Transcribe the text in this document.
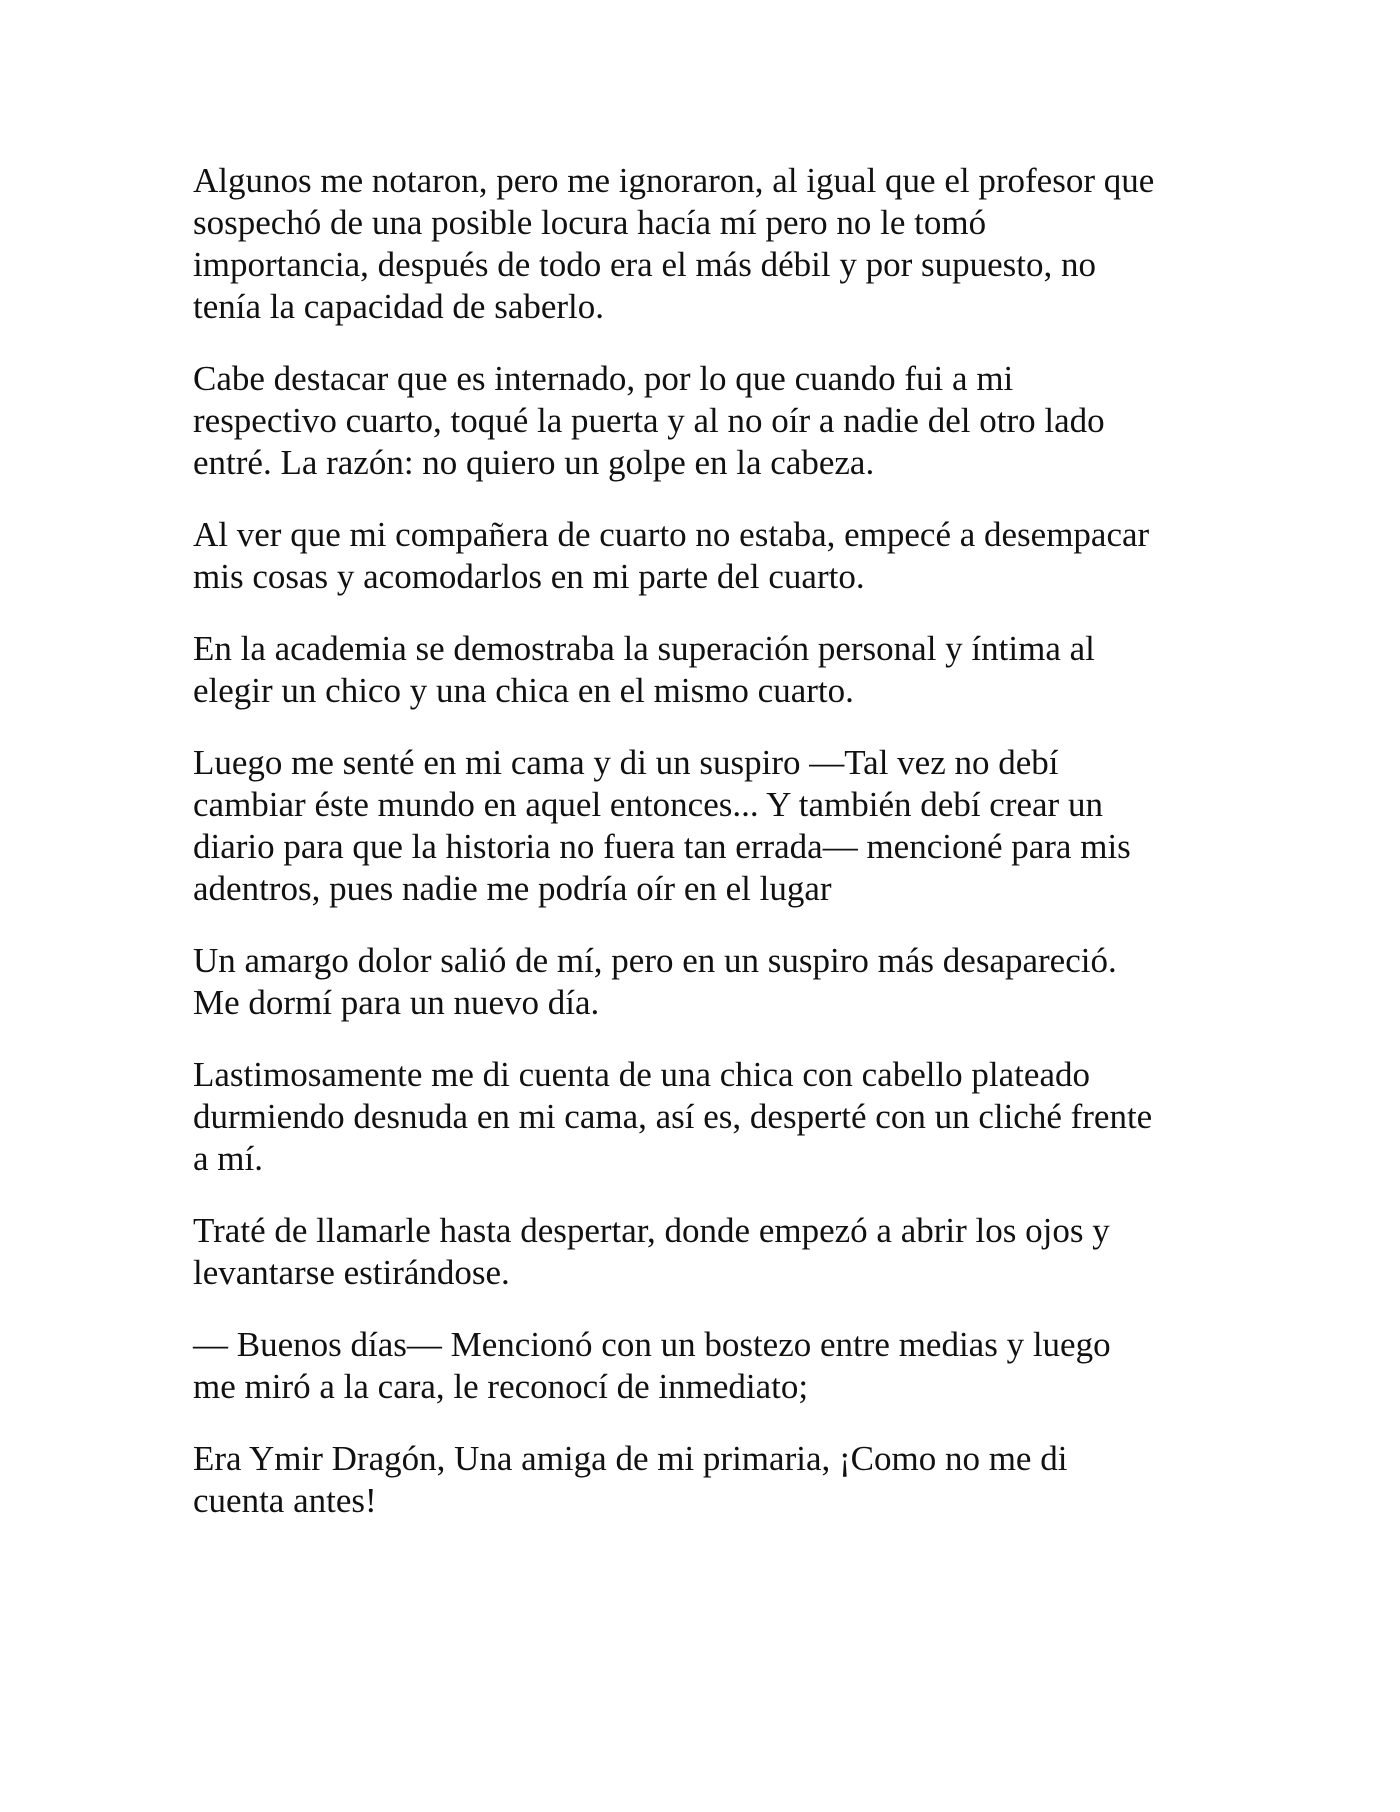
Algunos me notaron, pero me ignoraron, al igual que el profesor que
sospechó de una posible locura hacía mí pero no le tomó
importancia, después de todo era el más débil y por supuesto, no
tenía la capacidad de saberlo.

Cabe destacar que es internado, por lo que cuando fui a mi
respectivo cuarto, toqué la puerta y al no oír a nadie del otro lado
entré. La razón: no quiero un golpe en la cabeza.

Al ver que mi compañera de cuarto no estaba, empecé a desempacar
mis cosas y acomodarlos en mi parte del cuarto.

En la academia se demostraba la superación personal y íntima al
elegir un chico y una chica en el mismo cuarto.

Luego me senté en mi cama y di un suspiro —Tal vez no debí
cambiar éste mundo en aquel entonces... Y también debí crear un
diario para que la historia no fuera tan errada— mencioné para mis
adentros, pues nadie me podría oír en el lugar

Un amargo dolor salió de mí, pero en un suspiro más desapareció.
Me dormí para un nuevo día.

Lastimosamente me di cuenta de una chica con cabello plateado
durmiendo desnuda en mi cama, así es, desperté con un cliché frente
a mí.

Traté de llamarle hasta despertar, donde empezó a abrir los ojos y
levantarse estirándose.

— Buenos días— Mencionó con un bostezo entre medias y luego
me miró a la cara, le reconocí de inmediato;

Era Ymir Dragón, Una amiga de mi primaria, ¡Como no me di
cuenta antes!
